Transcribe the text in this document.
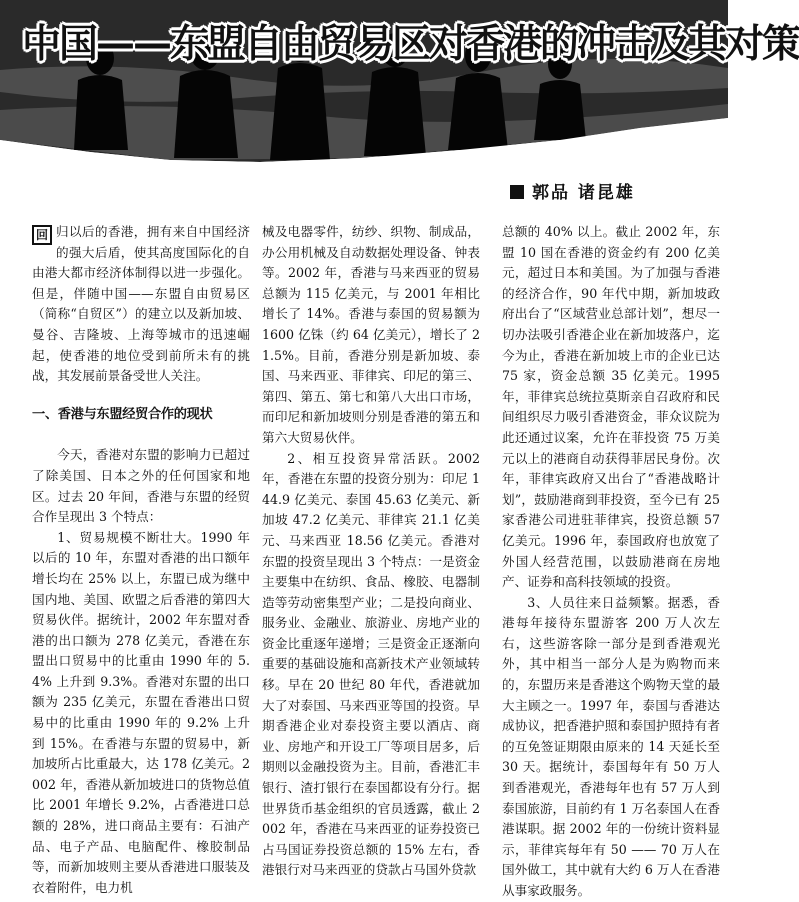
中国——东盟自由贸易区对香港的冲击及其对策
郭品 诸昆雄

回 归以后的香港，拥有来自中国经济的强大后盾，使其高度国际化的自由港大都市经济体制得以进一步强化。但是，伴随中国——东盟自由贸易区（简称“自贸区”）的建立以及新加坡、曼谷、吉隆坡、上海等城市的迅速崛起，使香港的地位受到前所未有的挑战，其发展前景备受世人关注。

一、香港与东盟经贸合作的现状

今天，香港对东盟的影响力已超过了除美国、日本之外的任何国家和地区。过去 20 年间，香港与东盟的经贸合作呈现出 3 个特点：

1、贸易规模不断壮大。1990 年以后的 10 年，东盟对香港的出口额年增长均在 25% 以上，东盟已成为继中国内地、美国、欧盟之后香港的第四大贸易伙伴。据统计，2002 年东盟对香港的出口额为 278 亿美元，香港在东盟出口贸易中的比重由 1990 年的 5.4% 上升到 9.3%。香港对东盟的出口额为 235 亿美元，东盟在香港出口贸易中的比重由 1990 年的 9.2% 上升到 15%。在香港与东盟的贸易中，新加坡所占比重最大，达 178 亿美元。2002 年，香港从新加坡进口的货物总值比 2001 年增长 9.2%，占香港进口总额的 28%，进口商品主要有：石油产品、电子产品、电脑配件、橡胶制品等，而新加坡则主要从香港进口服装及衣着附件，电力机

械及电器零件，纺纱、织物、制成品，办公用机械及自动数据处理设备、钟表等。2002 年，香港与马来西亚的贸易总额为 115 亿美元，与 2001 年相比增长了 14%。香港与泰国的贸易额为 1600 亿铢（约 64 亿美元），增长了 21.5%。目前，香港分别是新加坡、泰国、马来西亚、菲律宾、印尼的第三、第四、第五、第七和第八大出口市场，而印尼和新加坡则分别是香港的第五和第六大贸易伙伴。

2、相互投资异常活跃。2002 年，香港在东盟的投资分别为：印尼 144.9 亿美元、泰国 45.63 亿美元、新加坡 47.2 亿美元、菲律宾 21.1 亿美元、马来西亚 18.56 亿美元。香港对东盟的投资呈现出 3 个特点：一是资金主要集中在纺织、食品、橡胶、电器制造等劳动密集型产业；二是投向商业、服务业、金融业、旅游业、房地产业的资金比重逐年递增；三是资金正逐渐向重要的基础设施和高新技术产业领域转移。早在 20 世纪 80 年代，香港就加大了对泰国、马来西亚等国的投资。早期香港企业对泰投资主要以酒店、商业、房地产和开设工厂等项目居多，后期则以金融投资为主。目前，香港汇丰银行、渣打银行在泰国都设有分行。据世界货币基金组织的官员透露，截止 2002 年，香港在马来西亚的证券投资已占马国证券投资总额的 15% 左右，香港银行对马来西亚的贷款占马国外贷款

总额的 40% 以上。截止 2002 年，东盟 10 国在香港的资金约有 200 亿美元，超过日本和美国。为了加强与香港的经济合作，90 年代中期，新加坡政府出台了“区域营业总部计划”，想尽一切办法吸引香港企业在新加坡落户，迄今为止，香港在新加坡上市的企业已达 75 家，资金总额 35 亿美元。1995 年，菲律宾总统拉莫斯亲自召政府和民间组织尽力吸引香港资金，菲众议院为此还通过议案，允许在菲投资 75 万美元以上的港商自动获得菲居民身份。次年，菲律宾政府又出台了“香港战略计划”，鼓励港商到菲投资，至今已有 25 家香港公司进驻菲律宾，投资总额 57 亿美元。1996 年，泰国政府也放宽了外国人经营范围，以鼓励港商在房地产、证券和高科技领域的投资。

3、人员往来日益频繁。据悉，香港每年接待东盟游客 200 万人次左右，这些游客除一部分是到香港观光外，其中相当一部分人是为购物而来的，东盟历来是香港这个购物天堂的最大主顾之一。1997 年，泰国与香港达成协议，把香港护照和泰国护照持有者的互免签证期限由原来的 14 天延长至 30 天。据统计，泰国每年有 50 万人到香港观光，香港每年也有 57 万人到泰国旅游，目前约有 1 万名泰国人在香港谋职。据 2002 年的一份统计资料显示，菲律宾每年有 50 —— 70 万人在国外做工，其中就有大约 6 万人在香港从事家政服务。
